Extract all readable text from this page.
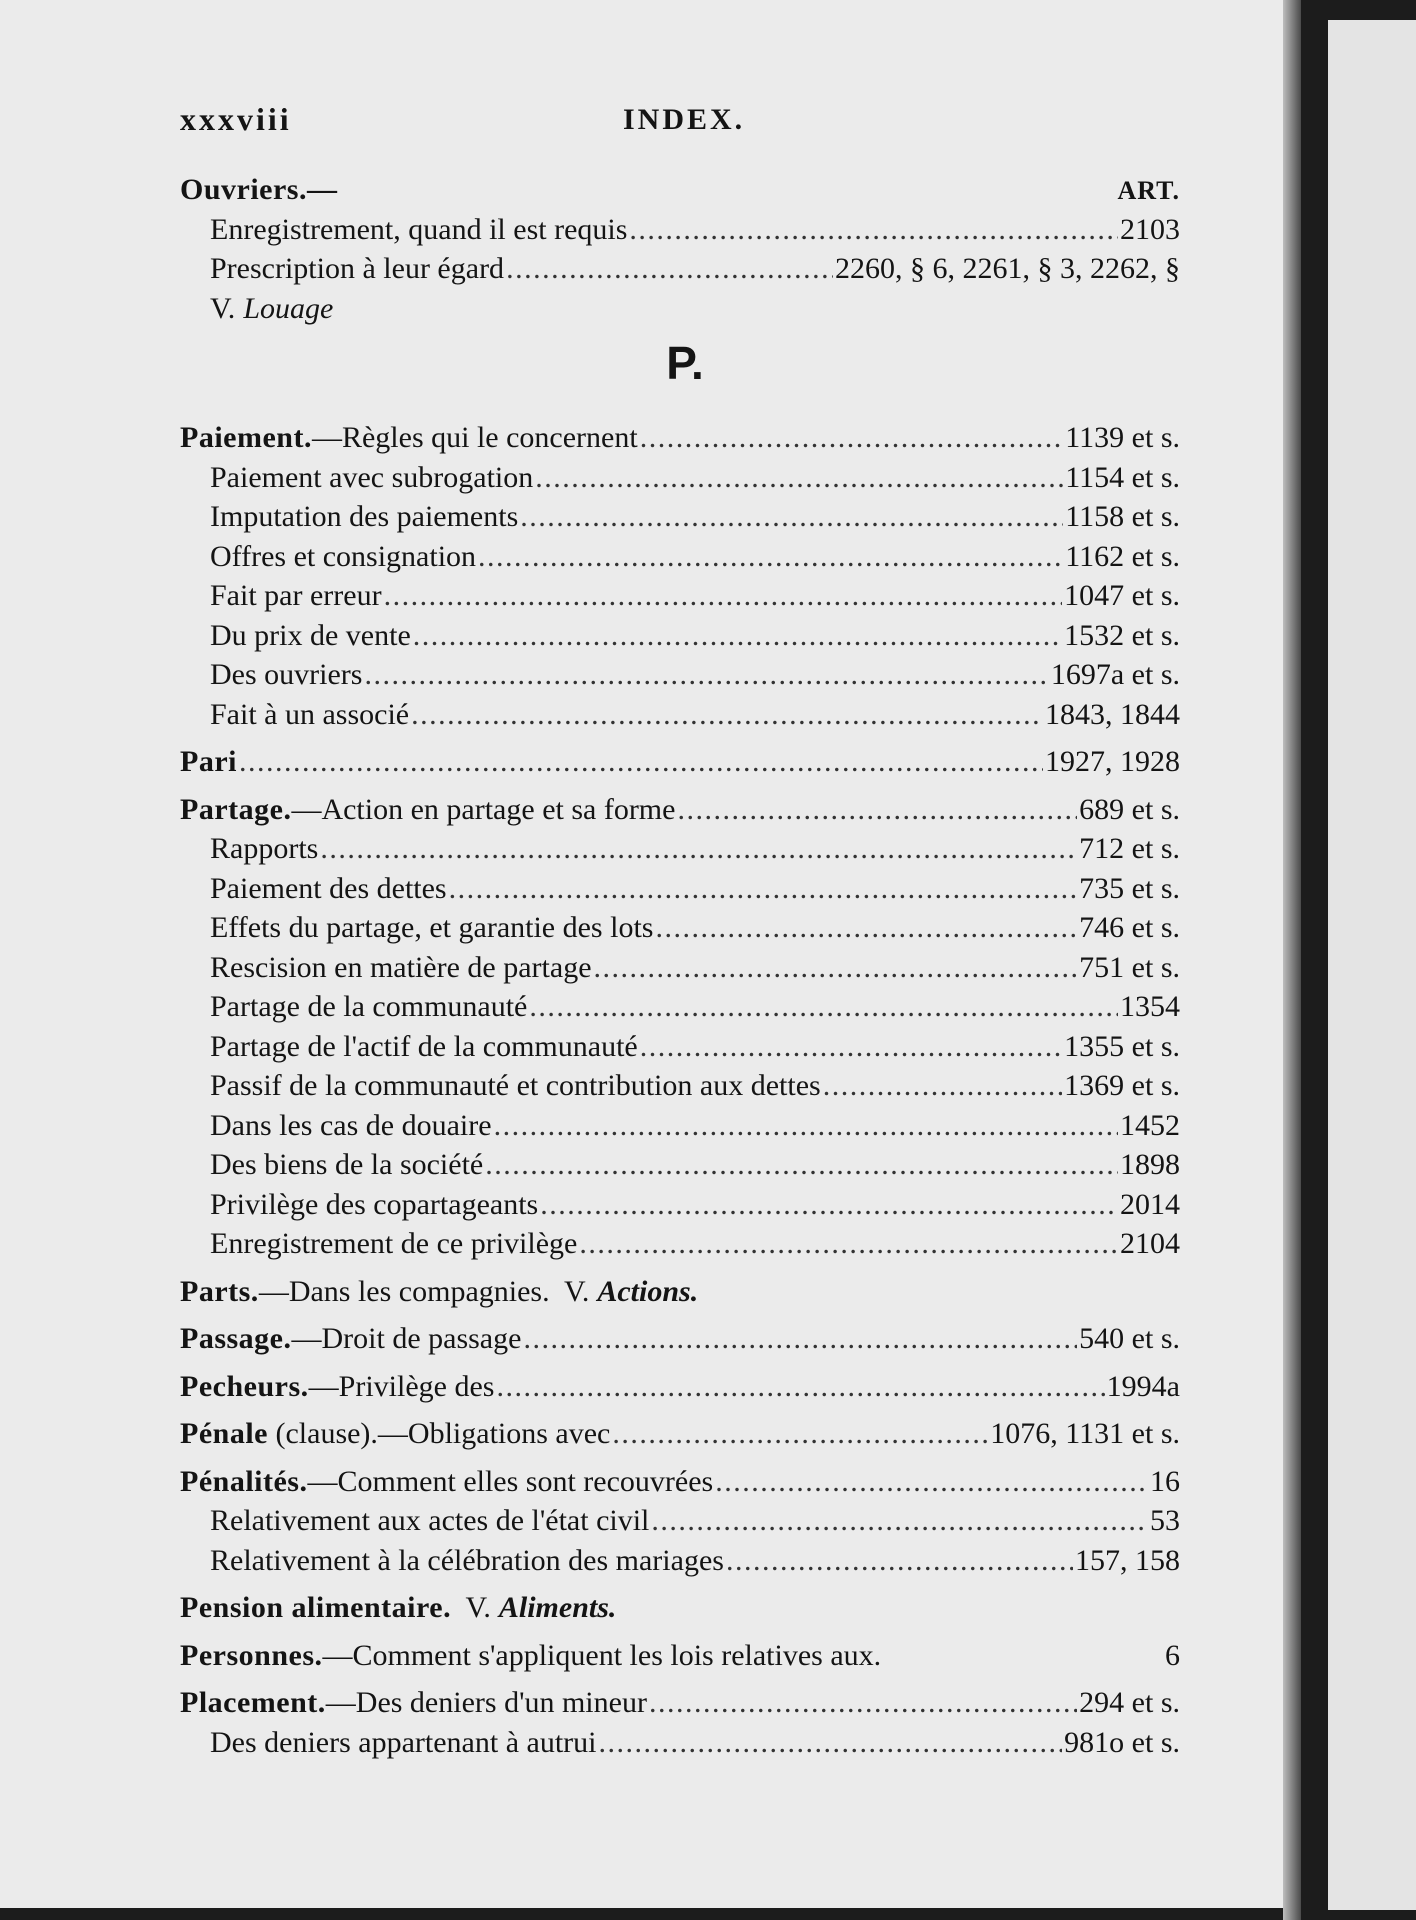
xxxviii	INDEX.
Ouvriers.—	ART.
Enregistrement, quand il est requis . . .	2103
Prescription à leur égard . . .	2260, § 6, 2261, § 3, 2262, §
V. Louage
P.
Paiement. —Règles qui le concernent . . .	1139 et s.
Paiement avec subrogation . . .	1154 et s.
Imputation des paiements . . .	1158 et s.
Offres et consignation . . .	1162 et s.
Fait par erreur . . .	1047 et s.
Du prix de vente . . .	1532 et s.
Des ouvriers . . .	1697a et s.
Fait à un associé . . .	1843, 1844
Pari . . .	1927, 1928
Partage. —Action en partage et sa forme . . .	689 et s.
Rapports . . .	712 et s.
Paiement des dettes . . .	735 et s.
Effets du partage, et garantie des lots . . .	746 et s.
Rescision en matière de partage . . .	751 et s.
Partage de la communauté . . .	1354
Partage de l'actif de la communauté . . .	1355 et s.
Passif de la communauté et contribution aux dettes . . .	1369 et s.
Dans les cas de douaire . . .	1452
Des biens de la société . . .	1898
Privilège des copartageants . . .	2014
Enregistrement de ce privilège . . .	2104
Parts. —Dans les compagnies.  V. Actions.
Passage. —Droit de passage . . .	540 et s.
Pecheurs. —Privilège des . . .	1994a
Pénale (clause).—Obligations avec . . .	1076, 1131 et s.
Pénalités. —Comment elles sont recouvrées . . .	16
Relativement aux actes de l'état civil . . .	53
Relativement à la célébration des mariages . . .	157, 158
Pension alimentaire. V. Aliments.
Personnes. —Comment s'appliquent les lois relatives aux.	6
Placement. —Des deniers d'un mineur . . .	294 et s.
Des deniers appartenant à autrui . . .	981o et s.
